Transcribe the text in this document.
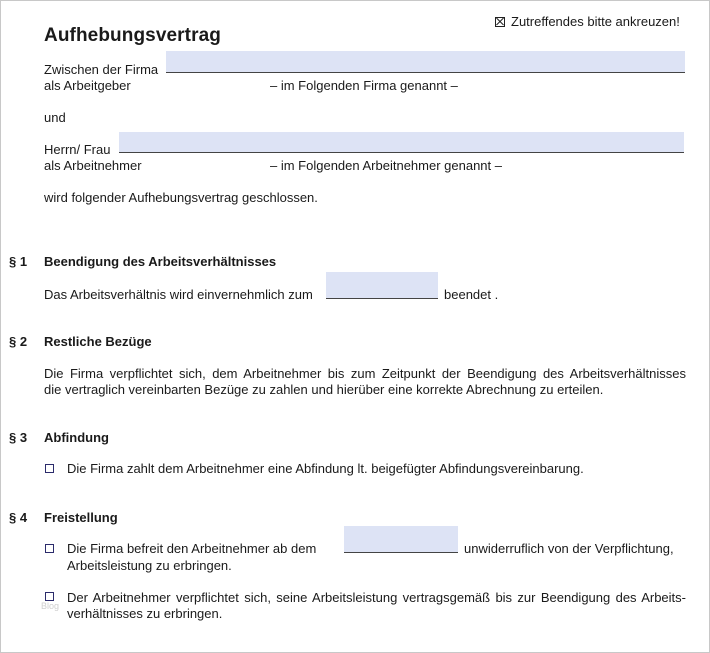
Zutreffendes bitte ankreuzen!
Aufhebungsvertrag
Zwischen der Firma
als Arbeitgeber	– im Folgenden Firma genannt –
und
Herrn/ Frau
als Arbeitnehmer	– im Folgenden Arbeitnehmer genannt –
wird folgender Aufhebungsvertrag geschlossen.
§ 1 Beendigung des Arbeitsverhältnisses
Das Arbeitsverhältnis wird einvernehmlich zum	beendet .
§ 2 Restliche Bezüge
Die Firma verpflichtet sich, dem Arbeitnehmer bis zum Zeitpunkt der Beendigung des Arbeitsverhältnisses
die vertraglich vereinbarten Bezüge zu zahlen und hierüber eine korrekte Abrechnung zu erteilen.
§ 3 Abfindung
Die Firma zahlt dem Arbeitnehmer eine Abfindung lt. beigefügter Abfindungsvereinbarung.
§ 4 Freistellung
Die Firma befreit den Arbeitnehmer ab dem	unwiderruflich von der Verpflichtung,
Arbeitsleistung zu erbringen.
Der Arbeitnehmer verpflichtet sich, seine Arbeitsleistung vertragsgemäß bis zur Beendigung des Arbeits-
verhältnisses zu erbringen.
Blog
